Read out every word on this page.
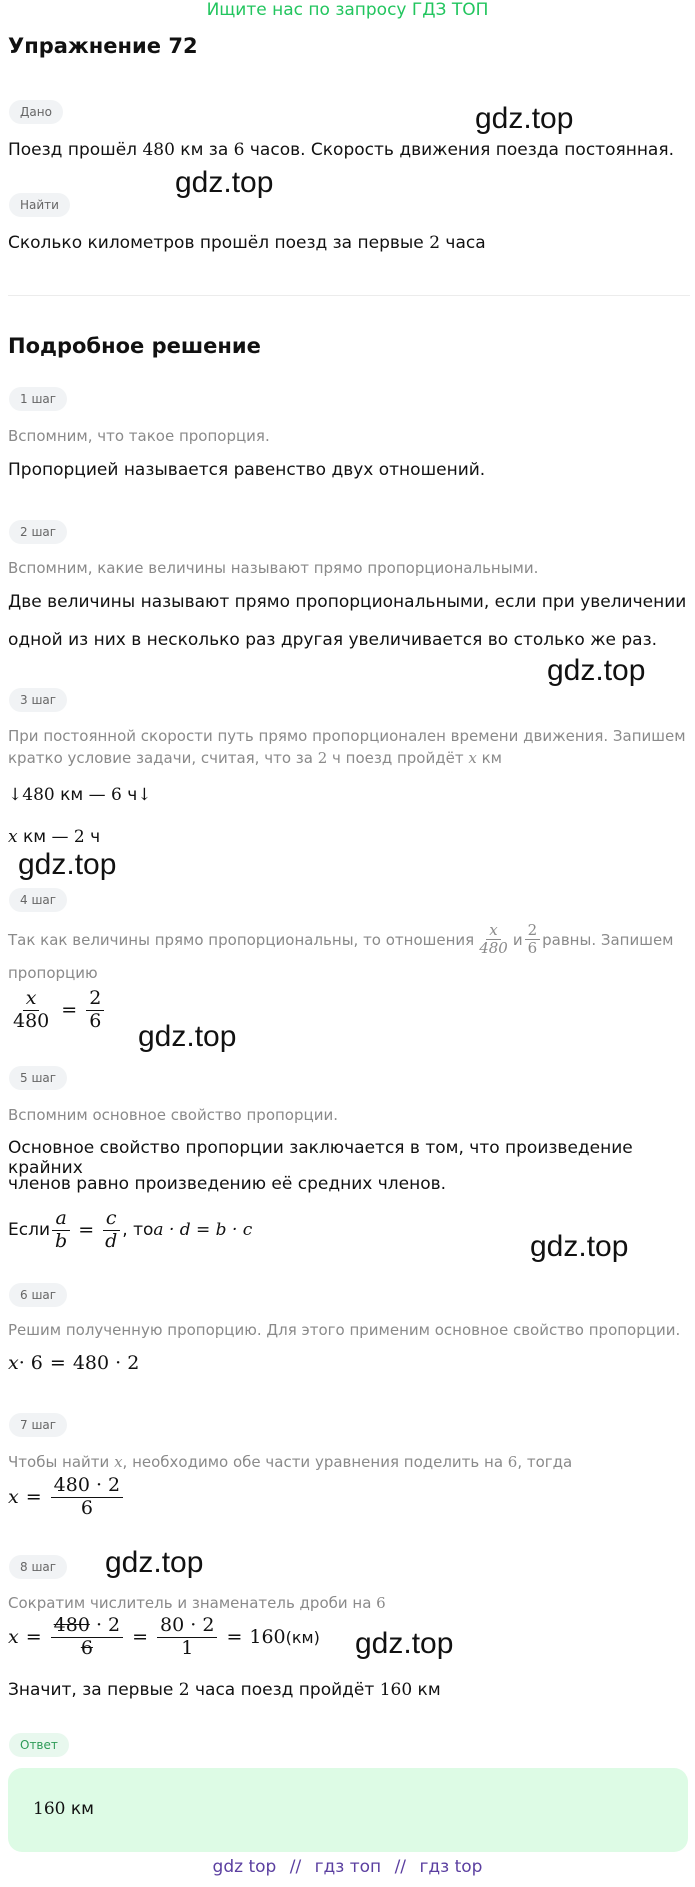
Ищите нас по запросу ГДЗ ТОП
Упражнение 72
Дано
Поезд прошёл 480 км за 6 часов. Скорость движения поезда постоянная.
Найти
Сколько километров прошёл поезд за первые 2 часа
Подробное решение
1 шаг
Вспомним, что такое пропорция.
Пропорцией называется равенство двух отношений.
2 шаг
Вспомним, какие величины называют прямо пропорциональными.
Две величины называют прямо пропорциональными, если при увеличении
одной из них в несколько раз другая увеличивается во столько же раз.
3 шаг
При постоянной скорости путь прямо пропорционален времени движения. Запишем
кратко условие задачи, считая, что за 2 ч поезд пройдёт x км
↓480 км — 6 ч↓
x км — 2 ч
4 шаг
Так как величины прямо пропорциональны, то отношения $\frac{x}{480}$ и $\frac{2}{6}$ равны. Запишем
пропорцию
$\frac{x}{480} = \frac{2}{6}$
5 шаг
Вспомним основное свойство пропорции.
Основное свойство пропорции заключается в том, что произведение крайних
членов равно произведению её средних членов.
Если $\frac{a}{b} = \frac{c}{d}$ , то a · d = b · c
6 шаг
Решим полученную пропорцию. Для этого применим основное свойство пропорции.
x · 6 = 480 · 2
7 шаг
Чтобы найти x, необходимо обе части уравнения поделить на 6, тогда
$x = \frac{480 \cdot 2}{6}$
8 шаг
Сократим числитель и знаменатель дроби на 6
$x = \frac{480 \cdot 2}{6} = \frac{80 \cdot 2}{1} = 160$ (км)
Значит, за первые 2 часа поезд пройдёт 160 км
Ответ
160 км
gdz.top
gdz.top
gdz.top
gdz.top
gdz.top
gdz.top
gdz.top
gdz.top
gdz top // гдз топ // гдз top
